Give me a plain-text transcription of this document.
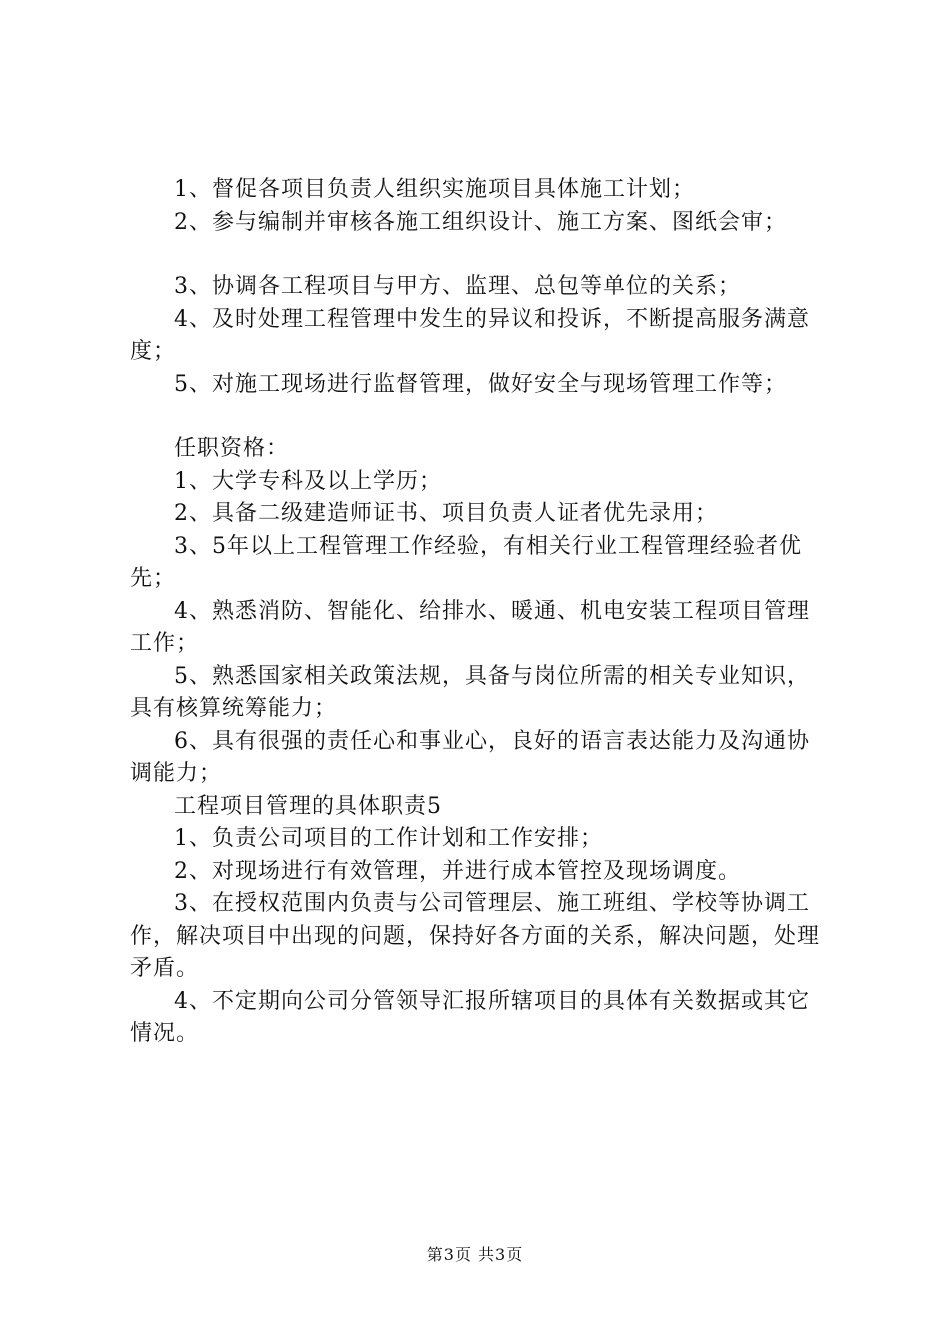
1、督促各项目负责人组织实施项目具体施工计划；

2、参与编制并审核各施工组织设计、施工方案、图纸会审；

3、协调各工程项目与甲方、监理、总包等单位的关系；

4、及时处理工程管理中发生的异议和投诉，不断提高服务满意度；

5、对施工现场进行监督管理，做好安全与现场管理工作等；

任职资格：

1、大学专科及以上学历；

2、具备二级建造师证书、项目负责人证者优先录用；

3、5年以上工程管理工作经验，有相关行业工程管理经验者优先；

4、熟悉消防、智能化、给排水、暖通、机电安装工程项目管理工作；

5、熟悉国家相关政策法规，具备与岗位所需的相关专业知识，具有核算统筹能力；

6、具有很强的责任心和事业心，良好的语言表达能力及沟通协调能力；

工程项目管理的具体职责5

1、负责公司项目的工作计划和工作安排；

2、对现场进行有效管理，并进行成本管控及现场调度。

3、在授权范围内负责与公司管理层、施工班组、学校等协调工作，解决项目中出现的问题，保持好各方面的关系，解决问题，处理矛盾。

4、不定期向公司分管领导汇报所辖项目的具体有关数据或其它情况。

第3页 共3页
